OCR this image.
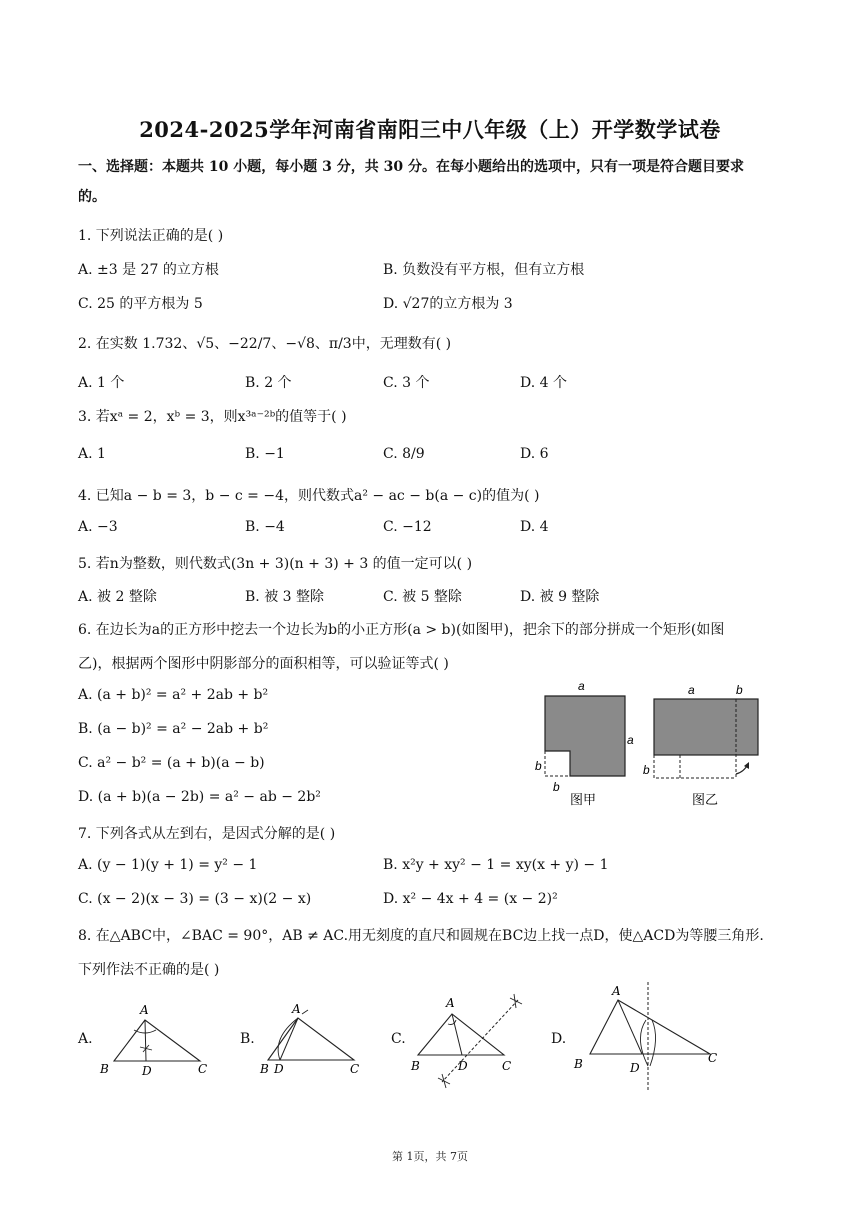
2024-2025学年河南省南阳三中八年级（上）开学数学试卷
一、选择题：本题共 10 小题，每小题 3 分，共 30 分。在每小题给出的选项中，只有一项是符合题目要求
的。
1. 下列说法正确的是( )
A. ±3 是 27 的立方根	B. 负数没有平方根，但有立方根
C. 25 的平方根为 5	D. √27的立方根为 3
2. 在实数 1.732、√5、−22/7、−√8、π/3中，无理数有( )
A. 1 个	B. 2 个	C. 3 个	D. 4 个
3. 若xᵃ = 2，xᵇ = 3，则x³ᵃ⁻²ᵇ的值等于( )
A. 1	B. −1	C. 8/9	D. 6
4. 已知a − b = 3，b − c = −4，则代数式a² − ac − b(a − c)的值为( )
A. −3	B. −4	C. −12	D. 4
5. 若n为整数，则代数式(3n + 3)(n + 3) + 3 的值一定可以( )
A. 被 2 整除	B. 被 3 整除	C. 被 5 整除	D. 被 9 整除
6. 在边长为a的正方形中挖去一个边长为b的小正方形(a > b)(如图甲)，把余下的部分拼成一个矩形(如图
乙)，根据两个图形中阴影部分的面积相等，可以验证等式( )
A. (a + b)² = a² + 2ab + b²
B. (a − b)² = a² − 2ab + b²
C. a² − b² = (a + b)(a − b)
D. (a + b)(a − 2b) = a² − ab − 2b²
a
a
b
b
图甲
a	b
b
图乙
7. 下列各式从左到右，是因式分解的是( )
A. (y − 1)(y + 1) = y² − 1	B. x²y + xy² − 1 = xy(x + y) − 1
C. (x − 2)(x − 3) = (3 − x)(2 − x)	D. x² − 4x + 4 = (x − 2)²
8. 在△ABC中，∠BAC = 90°，AB ≠ AC.用无刻度的直尺和圆规在BC边上找一点D，使△ACD为等腰三角形.
下列作法不正确的是( )
A.	B.	C.	D.
A
B	D	C
A
B D	C
A
B	D	C
A
B	D
C
第 1页，共 7页
